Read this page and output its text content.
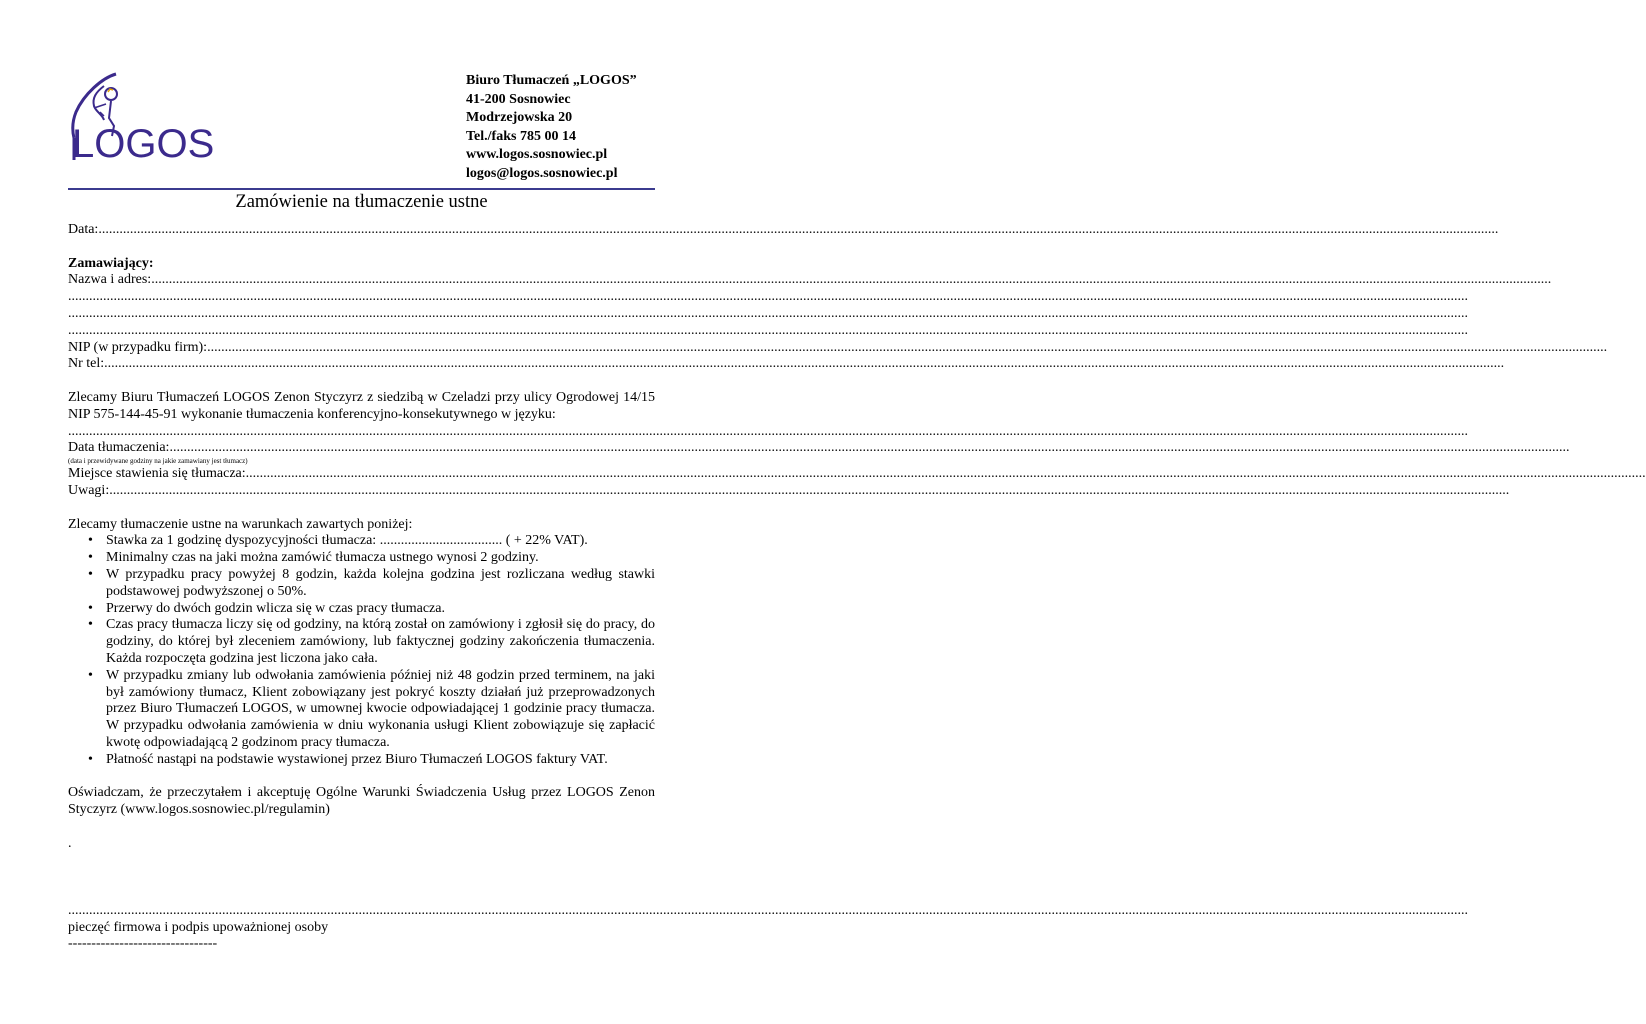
LOGOS
Biuro Tłumaczeń „LOGOS”
41-200 Sosnowiec
Modrzejowska 20
Tel./faks 785 00 14
www.logos.sosnowiec.pl
logos@logos.sosnowiec.pl
Zamówienie na tłumaczenie ustne
Data: ................................................................................................................................................................................................................................................................................................................................................................................................................
Zamawiający:
Nazwa i adres: ................................................................................................................................................................................................................................................................................................................................................................................................................
................................................................................................................................................................................................................................................................................................................................................................................................................
................................................................................................................................................................................................................................................................................................................................................................................................................
................................................................................................................................................................................................................................................................................................................................................................................................................
NIP (w przypadku firm): ................................................................................................................................................................................................................................................................................................................................................................................................................
Nr tel: ................................................................................................................................................................................................................................................................................................................................................................................................................
Zlecamy Biuru Tłumaczeń LOGOS Zenon Styczyrz z siedzibą w Czeladzi przy ulicy Ogrodowej 14/15 NIP 575-144-45-91 wykonanie tłumaczenia konferencyjno-konsekutywnego w języku:
................................................................................................................................................................................................................................................................................................................................................................................................................
Data tłumaczenia: ................................................................................................................................................................................................................................................................................................................................................................................................................
(data i przewidywane godziny na jakie zamawiany jest tłumacz)
Miejsce stawienia się tłumacza: ................................................................................................................................................................................................................................................................................................................................................................................................................
Uwagi: ................................................................................................................................................................................................................................................................................................................................................................................................................
Zlecamy tłumaczenie ustne na warunkach zawartych poniżej:
• Stawka za 1 godzinę dyspozycyjności tłumacza: ................................... ( + 22% VAT).
• Minimalny czas na jaki można zamówić tłumacza ustnego wynosi 2 godziny.
• W przypadku pracy powyżej 8 godzin, każda kolejna godzina jest rozliczana według stawki podstawowej podwyższonej o 50%.
• Przerwy do dwóch godzin wlicza się w czas pracy tłumacza.
• Czas pracy tłumacza liczy się od godziny, na którą został on zamówiony i zgłosił się do pracy, do godziny, do której był zleceniem zamówiony, lub faktycznej godziny zakończenia tłumaczenia. Każda rozpoczęta godzina jest liczona jako cała.
• W przypadku zmiany lub odwołania zamówienia później niż 48 godzin przed terminem, na jaki był zamówiony tłumacz, Klient zobowiązany jest pokryć koszty działań już przeprowadzonych przez Biuro Tłumaczeń LOGOS, w umownej kwocie odpowiadającej 1 godzinie pracy tłumacza. W przypadku odwołania zamówienia w dniu wykonania usługi Klient zobowiązuje się zapłacić kwotę odpowiadającą 2 godzinom pracy tłumacza.
• Płatność nastąpi na podstawie wystawionej przez Biuro Tłumaczeń LOGOS faktury VAT.
Oświadczam, że przeczytałem i akceptuję Ogólne Warunki Świadczenia Usług przez LOGOS Zenon Styczyrz (www.logos.sosnowiec.pl/regulamin)
.
................................................................................................................................................................................................................................................................................................................................................................................................................
pieczęć firmowa i podpis upoważnionej osoby
--------------------------------
